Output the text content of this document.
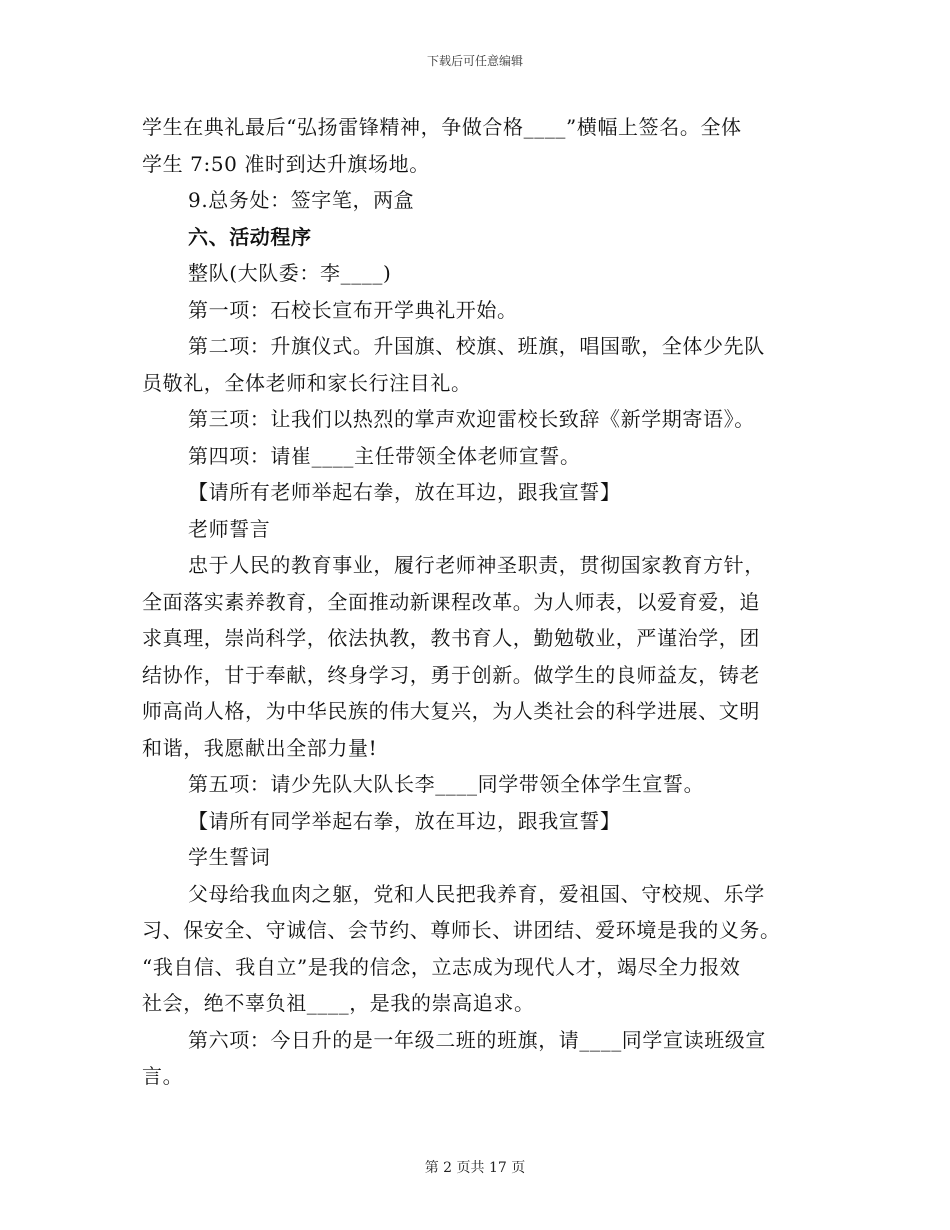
下载后可任意编辑
学生在典礼最后“弘扬雷锋精神，争做合格____”横幅上签名。全体
学生 7:50 准时到达升旗场地。
9.总务处：签字笔，两盒
六、活动程序
整队(大队委：李____)
第一项：石校长宣布开学典礼开始。
第二项：升旗仪式。升国旗、校旗、班旗，唱国歌，全体少先队
员敬礼，全体老师和家长行注目礼。
第三项：让我们以热烈的掌声欢迎雷校长致辞《新学期寄语》。
第四项：请崔____主任带领全体老师宣誓。
【请所有老师举起右拳，放在耳边，跟我宣誓】
老师誓言
忠于人民的教育事业，履行老师神圣职责，贯彻国家教育方针，
全面落实素养教育，全面推动新课程改革。为人师表，以爱育爱，追
求真理，崇尚科学，依法执教，教书育人，勤勉敬业，严谨治学，团
结协作，甘于奉献，终身学习，勇于创新。做学生的良师益友，铸老
师高尚人格，为中华民族的伟大复兴，为人类社会的科学进展、文明
和谐，我愿献出全部力量!
第五项：请少先队大队长李____同学带领全体学生宣誓。
【请所有同学举起右拳，放在耳边，跟我宣誓】
学生誓词
父母给我血肉之躯，党和人民把我养育，爱祖国、守校规、乐学
习、保安全、守诚信、会节约、尊师长、讲团结、爱环境是我的义务。
“我自信、我自立”是我的信念，立志成为现代人才，竭尽全力报效
社会，绝不辜负祖____，是我的崇高追求。
第六项：今日升的是一年级二班的班旗，请____同学宣读班级宣
言。
第 2 页共 17 页
